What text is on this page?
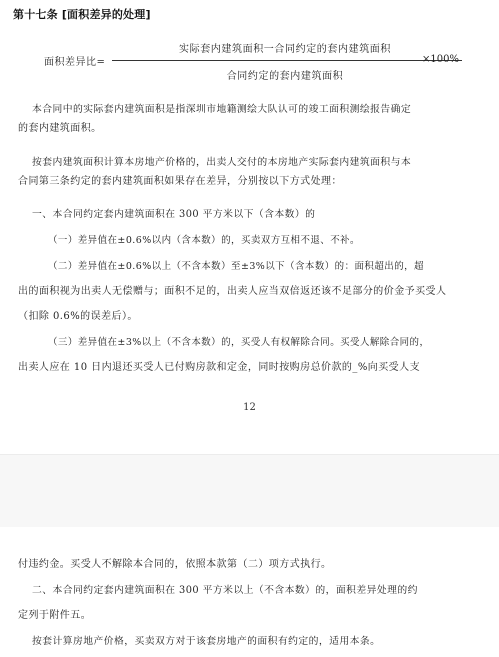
第十七条 [面积差异的处理]
面积差异比=
实际套内建筑面积一合同约定的套内建筑面积
合同约定的套内建筑面积
×100%
本合同中的实际套内建筑面积是指深圳市地籍测绘大队认可的竣工面积测绘报告确定
的套内建筑面积。
按套内建筑面积计算本房地产价格的，出卖人交付的本房地产实际套内建筑面积与本
合同第三条约定的套内建筑面积如果存在差异，分别按以下方式处理：
一、本合同约定套内建筑面积在 300 平方米以下（含本数）的
（一）差异值在±0.6%以内（含本数）的，买卖双方互相不退、不补。
（二）差异值在±0.6%以上（不含本数）至±3%以下（含本数）的：面积超出的，超
出的面积视为出卖人无偿赠与；面积不足的，出卖人应当双倍返还该不足部分的价金予买受人
（扣除 0.6%的误差后）。
（三）差异值在±3%以上（不含本数）的，买受人有权解除合同。买受人解除合同的，
出卖人应在 10 日内退还买受人已付购房款和定金，同时按购房总价款的_%向买受人支
12
付违约金。买受人不解除本合同的，依照本款第（二）项方式执行。
二、本合同约定套内建筑面积在 300 平方米以上（不含本数）的，面积差异处理的约
定列于附件五。
按套计算房地产价格，买卖双方对于该套房地产的面积有约定的，适用本条。
